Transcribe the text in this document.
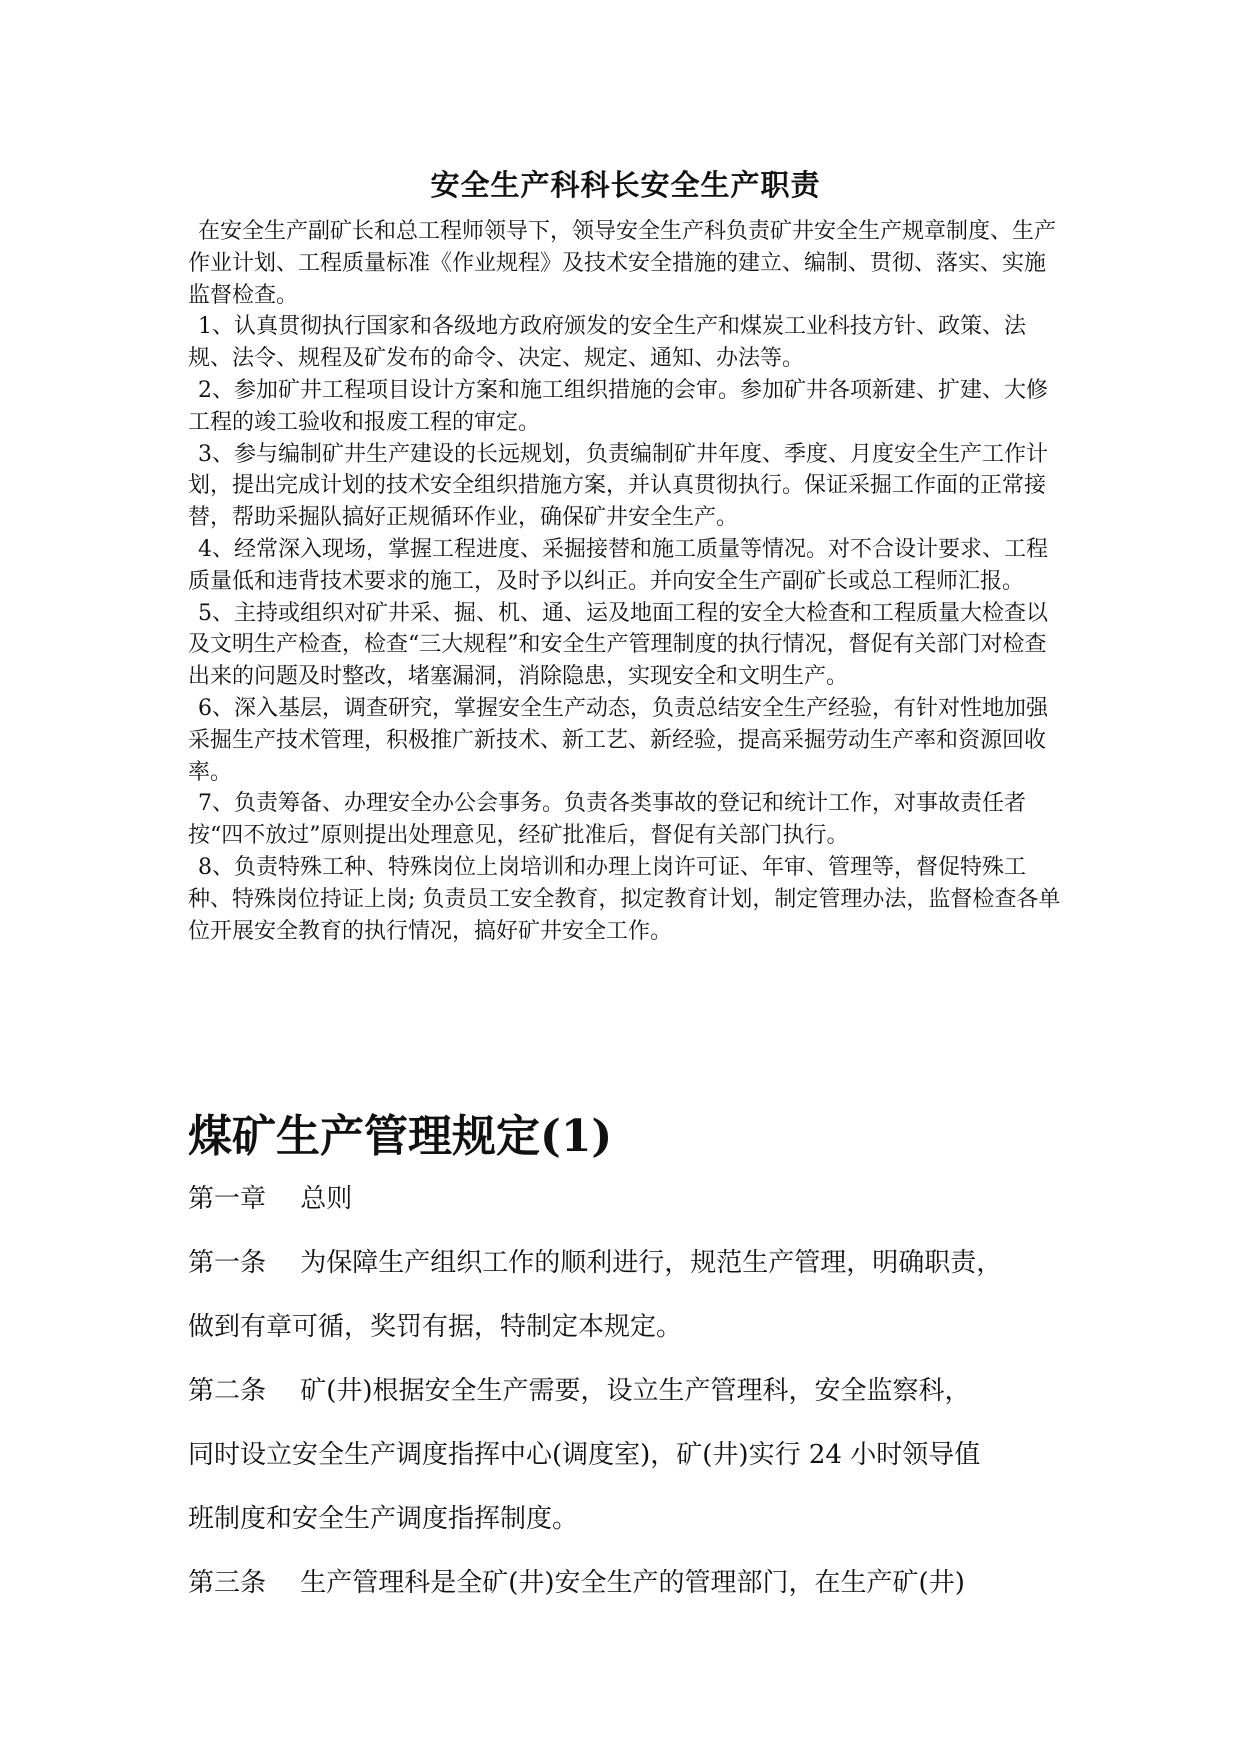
安全生产科科长安全生产职责

在安全生产副矿长和总工程师领导下，领导安全生产科负责矿井安全生产规章制度、生产作业计划、工程质量标准《作业规程》及技术安全措施的建立、编制、贯彻、落实、实施监督检查。

1、认真贯彻执行国家和各级地方政府颁发的安全生产和煤炭工业科技方针、政策、法规、法令、规程及矿发布的命令、决定、规定、通知、办法等。

2、参加矿井工程项目设计方案和施工组织措施的会审。参加矿井各项新建、扩建、大修工程的竣工验收和报废工程的审定。

3、参与编制矿井生产建设的长远规划，负责编制矿井年度、季度、月度安全生产工作计划，提出完成计划的技术安全组织措施方案，并认真贯彻执行。保证采掘工作面的正常接替，帮助采掘队搞好正规循环作业，确保矿井安全生产。

4、经常深入现场，掌握工程进度、采掘接替和施工质量等情况。对不合设计要求、工程质量低和违背技术要求的施工，及时予以纠正。并向安全生产副矿长或总工程师汇报。

5、主持或组织对矿井采、掘、机、通、运及地面工程的安全大检查和工程质量大检查以及文明生产检查，检查“三大规程”和安全生产管理制度的执行情况，督促有关部门对检查出来的问题及时整改，堵塞漏洞，消除隐患，实现安全和文明生产。

6、深入基层，调查研究，掌握安全生产动态，负责总结安全生产经验，有针对性地加强采掘生产技术管理，积极推广新技术、新工艺、新经验，提高采掘劳动生产率和资源回收率。

7、负责筹备、办理安全办公会事务。负责各类事故的登记和统计工作，对事故责任者按“四不放过”原则提出处理意见，经矿批准后，督促有关部门执行。

8、负责特殊工种、特殊岗位上岗培训和办理上岗许可证、年审、管理等，督促特殊工种、特殊岗位持证上岗; 负责员工安全教育，拟定教育计划，制定管理办法，监督检查各单位开展安全教育的执行情况，搞好矿井安全工作。

煤矿生产管理规定(1)

第一章　 总则

第一条　 为保障生产组织工作的顺利进行，规范生产管理，明确职责，

做到有章可循，奖罚有据，特制定本规定。

第二条　 矿(井)根据安全生产需要，设立生产管理科，安全监察科，

同时设立安全生产调度指挥中心(调度室)，矿(井)实行 24 小时领导值

班制度和安全生产调度指挥制度。

第三条　 生产管理科是全矿(井)安全生产的管理部门，在生产矿(井)
